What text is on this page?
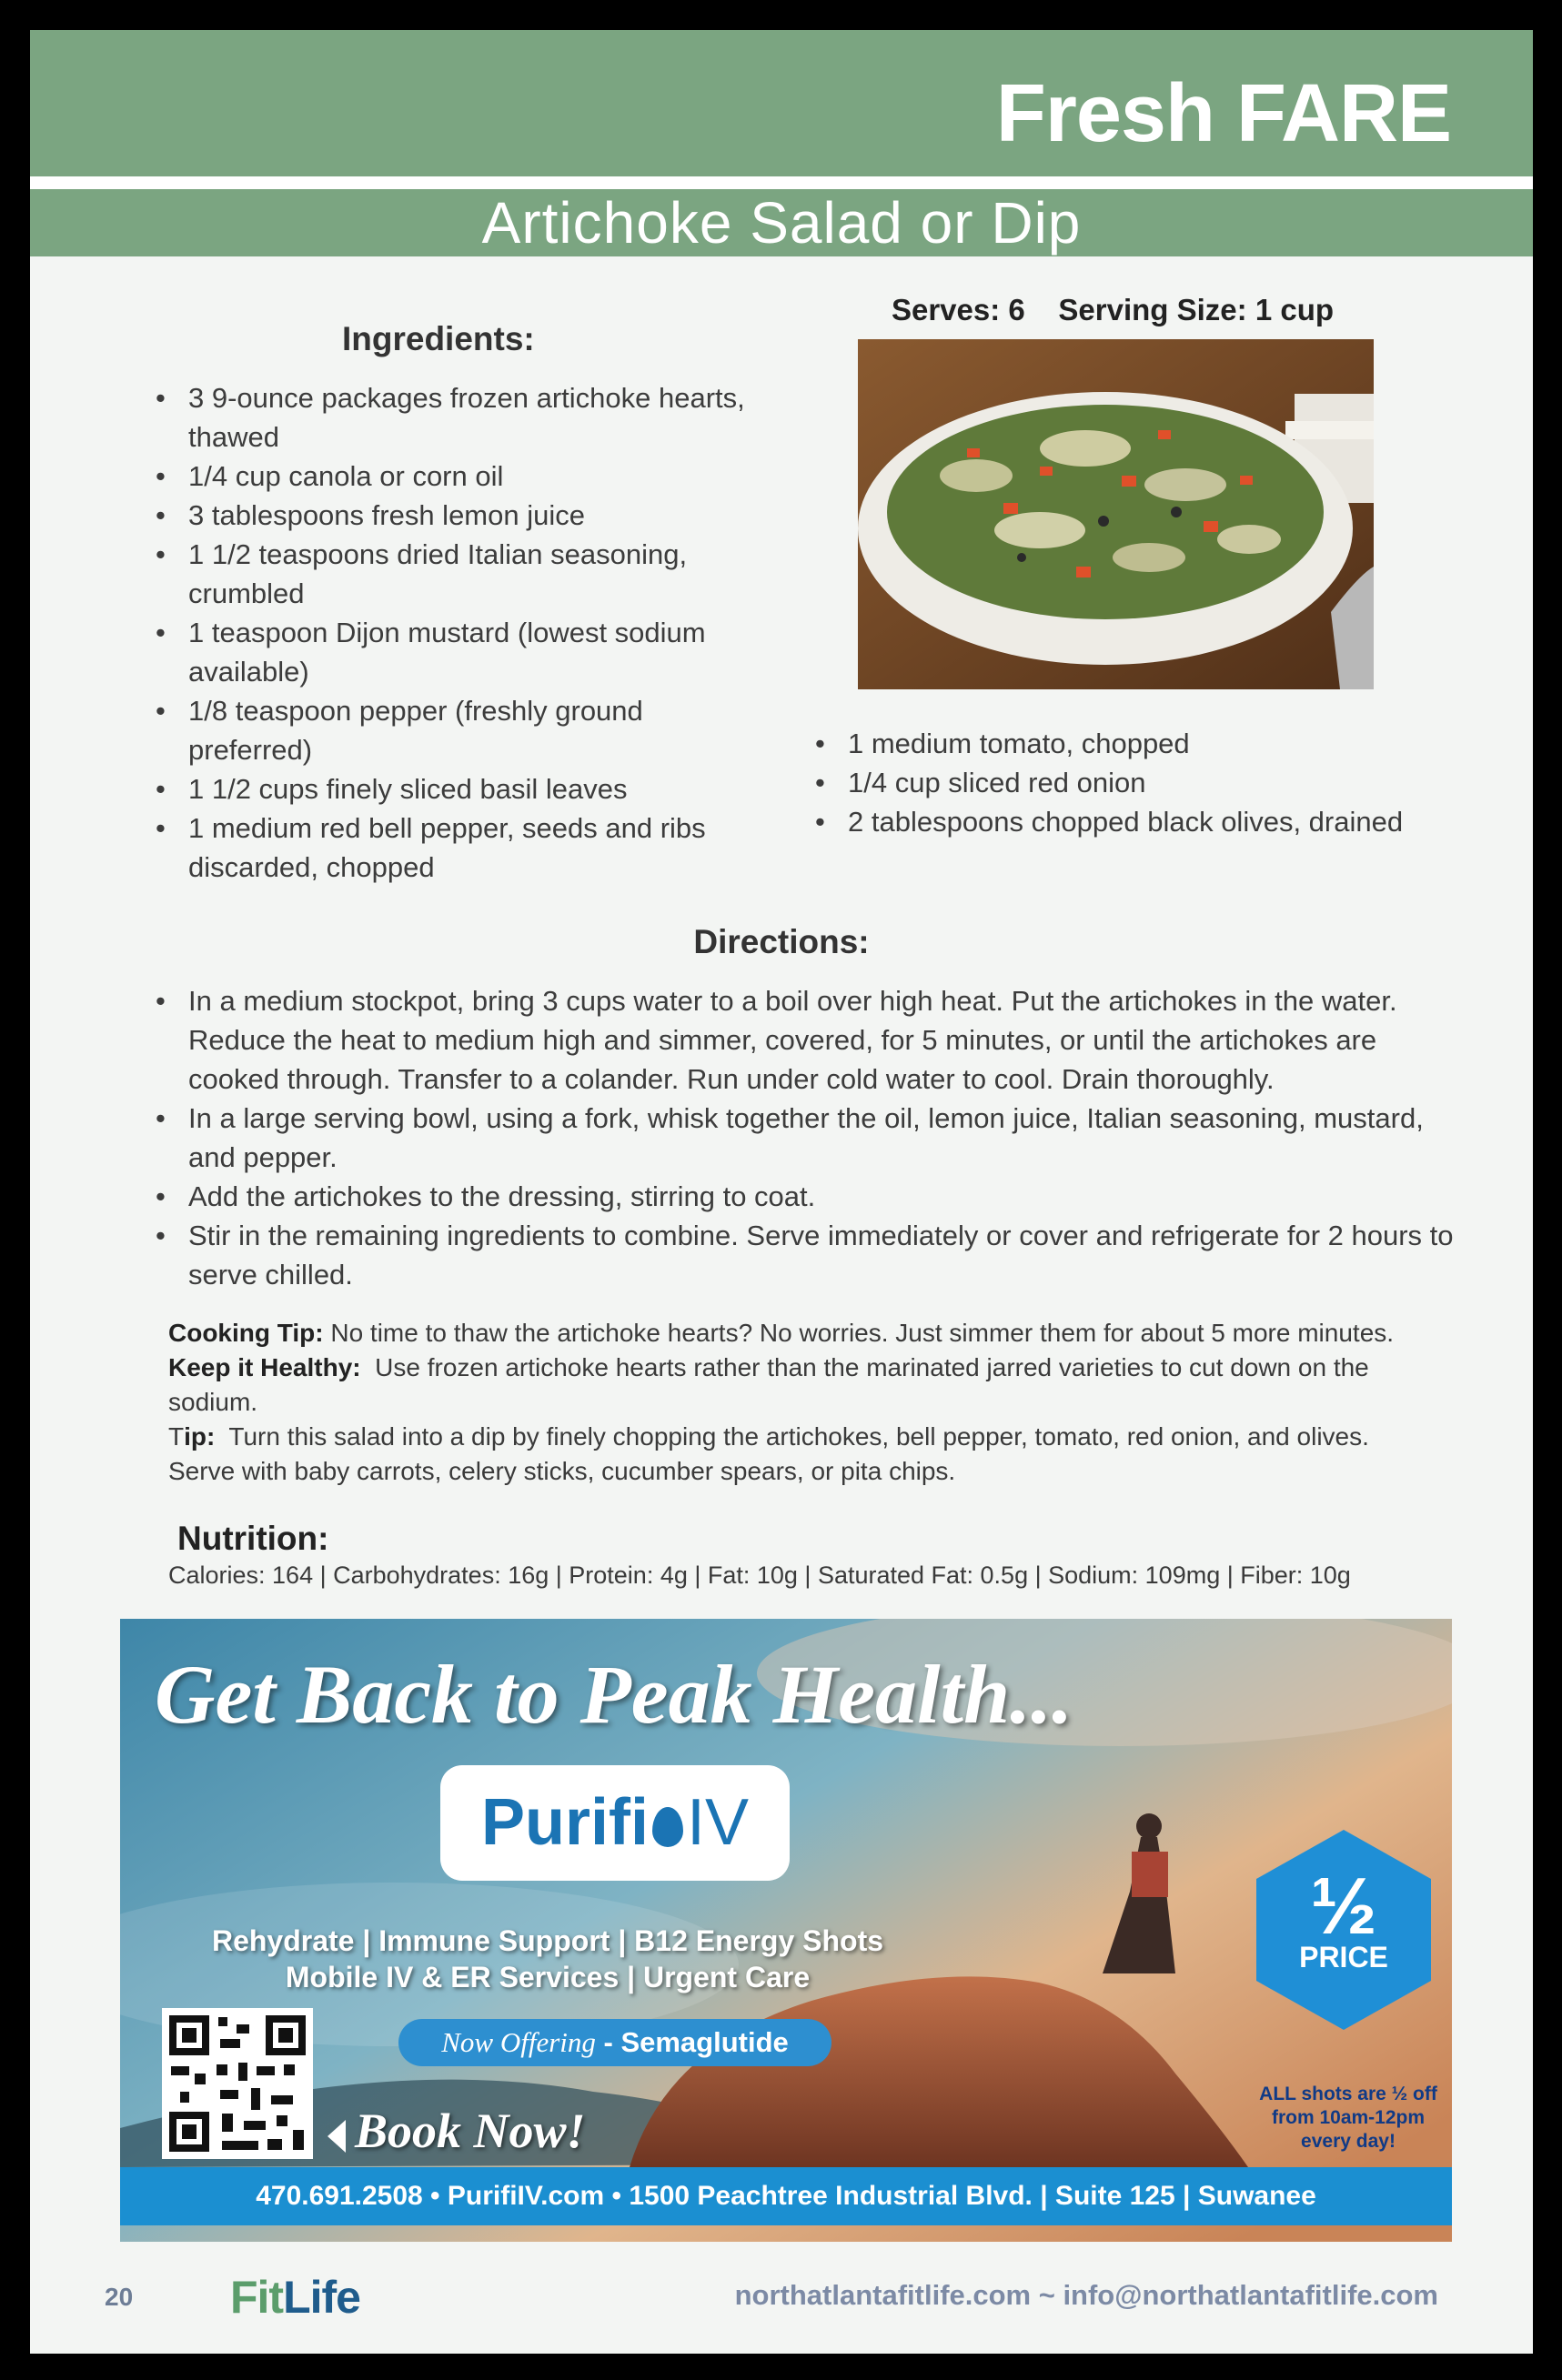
Fresh FARE
Artichoke Salad or Dip
Ingredients:
• 3 9-ounce packages frozen artichoke hearts, thawed
• 1/4 cup canola or corn oil
• 3 tablespoons fresh lemon juice
• 1 1/2 teaspoons dried Italian seasoning, crumbled
• 1 teaspoon Dijon mustard (lowest sodium available)
• 1/8 teaspoon pepper (freshly ground preferred)
• 1 1/2 cups finely sliced basil leaves
• 1 medium red bell pepper, seeds and ribs discarded, chopped
Serves: 6    Serving Size: 1 cup
• 1 medium tomato, chopped
• 1/4 cup sliced red onion
• 2 tablespoons chopped black olives, drained
Directions:
• In a medium stockpot, bring 3 cups water to a boil over high heat. Put the artichokes in the water. Reduce the heat to medium high and simmer, covered, for 5 minutes, or until the artichokes are cooked through. Transfer to a colander. Run under cold water to cool. Drain thoroughly.
• In a large serving bowl, using a fork, whisk together the oil, lemon juice, Italian seasoning, mustard, and pepper.
• Add the artichokes to the dressing, stirring to coat.
• Stir in the remaining ingredients to combine. Serve immediately or cover and refrigerate for 2 hours to serve chilled.
Cooking Tip: No time to thaw the artichoke hearts? No worries. Just simmer them for about 5 more minutes.
Keep it Healthy:  Use frozen artichoke hearts rather than the marinated jarred varieties to cut down on the sodium.
Tip:  Turn this salad into a dip by finely chopping the artichokes, bell pepper, tomato, red onion, and olives. Serve with baby carrots, celery sticks, cucumber spears, or pita chips.
Nutrition:
Calories: 164 | Carbohydrates: 16g | Protein: 4g | Fat: 10g | Saturated Fat: 0.5g | Sodium: 109mg | Fiber: 10g
Get Back to Peak Health...
Purifi IV
Rehydrate | Immune Support | B12 Energy Shots
Mobile IV & ER Services | Urgent Care
Now Offering - Semaglutide
Book Now!
½
PRICE
ALL shots are ½ off from 10am-12pm every day!
470.691.2508 • PurifiIV.com • 1500 Peachtree Industrial Blvd. | Suite 125 | Suwanee
20 FitLife	northatlantafitlife.com ~ info@northatlantafitlife.com
